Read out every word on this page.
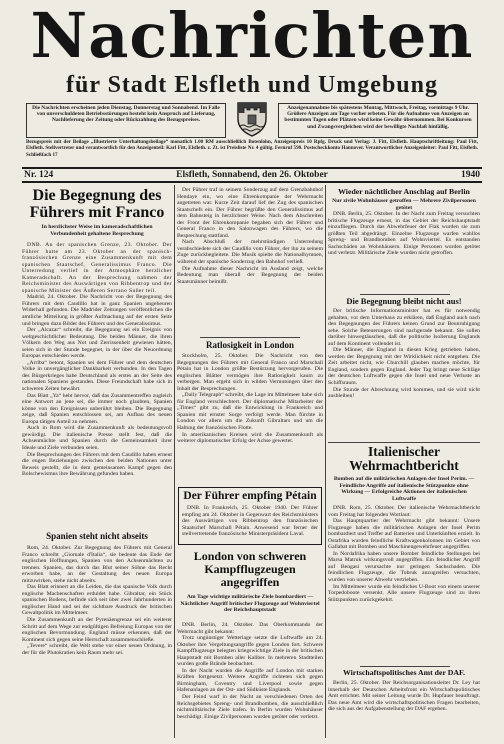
Nachrichten
für Stadt Elsfleth und Umgebung
Die Nachrichten erscheinen jeden Dienstag, Donnerstag und Sonnabend. Im Falle von unverschuldeten Betriebsstörungen besteht kein Anspruch auf Lieferung, Nachlieferung der Zeitung oder Rückzahlung des Bezugspreises.
Anzeigenannahme bis spätestens Montag, Mittwoch, Freitag, vormittags 9 Uhr. Größere Anzeigen am Tage vorher erbeten. Für die Aufnahme von Anzeigen an bestimmten Tagen oder Plätzen wird keine Gewähr übernommen. Bei Konkursen und Zwangsvergleichen wird der bewilligte Nachlaß hinfällig.
Bezugspreis mit der Beilage „Illustrierte Unterhaltungsbeilage“ monatlich 1.00 RM ausschließlich Botenlohn, Anzeigenpreis 10 Rpfg. Druck und Verlag: J. Fitt, Elsfleth. Hauptschriftleitung: Paul Fitt, Elsfleth. Stellvertreter und verantwortlich für den Anzeigenteil: Karl Fitt, Elsfleth. z. Zt. ist Preisliste Nr. 4 gültig. Fernruf 590. Postscheckkonto Hannover. Verantwortlicher Anzeigenleiter: Paul Fitt, Elsfleth. Schließfach 17
Nr. 124	Elsfleth, Sonnabend, den 26. Oktober	1940
Die Begegnung des Führers mit Franco
In herzlichster Weise im kameradschaftlichen Verbundenheit gehaltene Besprechung

DNB. An der spanischen Grenze, 23. Oktober. Der Führer hatte am 23. Oktober an der spanisch-französischen Grenze eine Zusammenkunft mit dem spanischen Staatschef, Generalissimus Franco. Die Unterredung verlief in der Atmosphäre herzlicher Kameradschaft. An der Besprechung nahmen der Reichsminister des Auswärtigen von Ribbentrop und der spanische Minister des Äußeren Serrano Suñer teil.

Madrid, 24. Oktober. Die Nachricht von der Begegnung des Führers mit dem Caudillo hat in ganz Spanien ungeheuren Widerhall gefunden. Die Madrider Zeitungen veröffentlichen die amtliche Mitteilung in größter Aufmachung auf der ersten Seite und bringen dazu Bilder des Führers und des Generalissimus.

Der „Alcazar“ schreibt, die Begegnung sei ein Ereignis von weltgeschichtlicher Bedeutung. Die beiden Männer, die ihren Völkern den Weg aus Not und Zerrissenheit gewiesen hätten, seien sich in der Stunde begegnet, in der über die Neuordnung Europas entschieden werde.

„Arriba“ betont, Spanien sei dem Führer und dem deutschen Volke in unvergänglicher Dankbarkeit verbunden. In den Tagen des Bürgerkrieges habe Deutschland als erstes an der Seite des nationalen Spaniens gestanden. Diese Freundschaft habe sich in schweren Zeiten bewährt.

Das Blatt „Ya“ hebt hervor, daß das Zusammentreffen zugleich eine Antwort an jene sei, die immer noch glaubten, Spanien könne von den Ereignissen unberührt bleiben. Die Begegnung zeige, daß Spanien entschlossen sei, am Aufbau des neuen Europa tätigen Anteil zu nehmen.

Auch in Rom wird die Zusammenkunft als bedeutungsvoll gewürdigt. Die italienische Presse stellt fest, daß die Achsenmächte und Spanien durch die Gemeinsamkeit ihrer Ideale und Ziele verbunden seien.

Die Besprechungen des Führers mit dem Caudillo haben erneut die engen Beziehungen zwischen den beiden Nationen unter Beweis gestellt, die in dem gemeinsamen Kampf gegen den Bolschewismus ihre Bewährung gefunden haben.

Spanien steht nicht abseits

Rom, 24. Oktober. Zur Begegnung des Führers mit General Franco schreibt „Giornale d'Italia“, sie bedeute das Ende der englischen Hoffnungen, Spanien von den Achsenmächten zu trennen. Spanien, das durch das Blut seiner Söhne das Recht erworben habe, an der Gestaltung des neuen Europa mitzuwirken, stehe nicht abseits.

Das Blatt erinnert an die Leiden, die das spanische Volk durch englische Machenschaften erduldet habe. Gibraltar, ein Stück spanischen Bodens, befinde sich seit über zwei Jahrhunderten in englischer Hand und sei der sichtbare Ausdruck der britischen Gewaltpolitik im Mittelmeer.

Die Zusammenkunft an der Pyrenäengrenze sei ein weiterer Schritt auf dem Wege zur endgültigen Befreiung Europas von der englischen Bevormundung. England müsse erkennen, daß der Kontinent sich gegen seine Herrschaft zusammenschließe.

„Tevere“ schreibt, die Welt stehe vor einer neuen Ordnung, in der für die Plutokratien kein Raum mehr sei.

Der Führer traf in seinem Sonderzug auf dem Grenzbahnhof Hendaye ein, wo eine Ehrenkompanie der Wehrmacht angetreten war. Kurze Zeit darauf lief der Zug des spanischen Staatschefs ein. Der Führer begrüßte den Generalissimus auf dem Bahnsteig in herzlichster Weise. Nach dem Abschreiten der Front der Ehrenkompanie begaben sich der Führer und General Franco in den Salonwagen des Führers, wo die Besprechung stattfand.

Nach Abschluß der mehrstündigen Unterredung verabschiedete sich der Caudillo vom Führer, der ihn zu seinem Zuge zurückbegleitete. Die Musik spielte die Nationalhymnen, während der spanische Sonderzug den Bahnhof verließ.

Die Aufnahme dieser Nachricht im Ausland zeigt, welche Bedeutung man überall der Begegnung der beiden Staatsmänner beimißt.

Ratlosigkeit in London

Stockholm, 25. Oktober. Die Nachricht von den Begegnungen des Führers mit General Franco und Marschall Pétain hat in London größte Bestürzung hervorgerufen. Die englischen Blätter vermögen ihre Ratlosigkeit kaum zu verbergen. Man ergeht sich in wilden Vermutungen über den Inhalt der Besprechungen.

„Daily Telegraph“ schreibt, die Lage im Mittelmeer habe sich für England verschlechtert. Der diplomatische Mitarbeiter der „Times“ gibt zu, daß die Entwicklung in Frankreich und Spanien mit ernster Sorge verfolgt werde. Man fürchte in London vor allem um die Zukunft Gibraltars und um die Haltung der französischen Flotte.

In amerikanischen Kreisen wird die Zusammenkunft als weiterer diplomatischer Erfolg der Achse gewertet.

Der Führer empfing Pétain

DNB. In Frankreich, 25. Oktober 1940. Der Führer empfing am 24. Oktober in Gegenwart des Reichsministers des Auswärtigen von Ribbentrop den französischen Staatschef Marschall Pétain. Anwesend war ferner der stellvertretende französische Ministerpräsident Laval.

London von schweren Kampfflugzeugen angegriffen
Am Tage wichtige militärische Ziele bombardiert — Nächtlicher Angriff britischer Flugzeuge auf Wohnviertel der Reichshauptstadt

DNB. Berlin, 24. Oktober. Das Oberkommando der Wehrmacht gibt bekannt:

Trotz ungünstiger Wetterlage setzte die Luftwaffe am 24. Oktober ihre Vergeltungsangriffe gegen London fort. Schwere Kampfflugzeuge belegten kriegswichtige Ziele in der britischen Hauptstadt mit Bomben aller Kaliber. In mehreren Stadtteilen wurden große Brände beobachtet.

In der Nacht wurden die Angriffe auf London mit starken Kräften fortgesetzt. Weitere Angriffe richteten sich gegen Birmingham, Coventry und Liverpool sowie gegen Hafenanlagen an der Ost- und Südküste Englands.

Der Feind warf in der Nacht an verschiedenen Orten des Reichsgebietes Spreng- und Brandbomben, die ausschließlich nichtmilitärische Ziele trafen. In Berlin wurden Wohnhäuser beschädigt. Einige Zivilpersonen wurden getötet oder verletzt.

Wieder nächtlicher Anschlag auf Berlin
Nur zivile Wohnhäuser getroffen — Mehrere Zivilpersonen getötet

DNB. Berlin, 25. Oktober. In der Nacht zum Freitag versuchten britische Flugzeuge erneut, in das Gebiet der Reichshauptstadt einzufliegen. Durch das Abwehrfeuer der Flak wurden sie zum größten Teil abgedrängt. Einzelne Flugzeuge warfen wahllos Spreng- und Brandbomben auf Wohnviertel. Es entstanden Sachschäden an Wohnhäusern. Einige Personen wurden getötet und verletzt. Militärische Ziele wurden nicht getroffen.

Die Begegnung bleibt nicht aus!

Der britische Informationsminister hat es für notwendig gehalten, vor dem Unterhaus zu erklären, daß England auch nach den Begegnungen des Führers keinen Grund zur Beunruhigung sehe. Solche Beteuerungen sind nachgerade bekannt. Sie sollen darüber hinwegtäuschen, daß die politische Isolierung Englands auf dem Kontinent vollendet ist.

Die Männer, die England in diesen Krieg getrieben haben, werden der Begegnung mit der Wirklichkeit nicht entgehen. Die Zeit arbeitet nicht, wie Churchill glauben machen möchte, für England, sondern gegen England. Jeder Tag bringt neue Schläge der deutschen Luftwaffe gegen die Insel und neue Verluste an Schiffsraum.

Die Stunde der Abrechnung wird kommen, und sie wird nicht ausbleiben!

Italienischer Wehrmachtbericht
Bomben auf die militärischen Anlagen der Insel Perim. — Feindliche Angriffe auf italienische Stützpunkte ohne Wirkung — Erfolgreiche Aktionen der italienischen Luftwaffe

DNB. Rom, 25. Oktober. Der italienische Wehrmachtbericht vom Freitag hat folgenden Wortlaut:

Das Hauptquartier der Wehrmacht gibt bekannt: Unsere Flugzeuge haben die militärischen Anlagen der Insel Perim bombardiert und Treffer auf Batterien und Unterkünften erzielt. In Ostafrika wurden feindliche Kraftwagenkolonnen im Gebiet von Gallabat mit Bomben und Maschinengewehrfeuer angegriffen.

In Nordafrika haben unsere Bomber feindliche Stellungen bei Marsa Matruk wirkungsvoll angegriffen. Ein feindlicher Angriff auf Bengasi verursachte nur geringen Sachschaden. Die feindlichen Flugzeuge, die Tobruk anzugreifen versuchten, wurden von unserer Abwehr vertrieben.

Im Mittelmeer wurde ein feindliches U-Boot von einem unserer Torpedoboote versenkt. Alle unsere Flugzeuge sind zu ihren Stützpunkten zurückgekehrt.

Wirtschaftspolitisches Amt der DAF.

Berlin, 25. Oktober. Der Reichsorganisationsleiter Dr. Ley hat innerhalb der Deutschen Arbeitsfront ein Wirtschaftspolitisches Amt errichtet. Mit seiner Leitung wurde Dr. Hupfauer beauftragt. Das neue Amt wird die wirtschaftspolitischen Fragen bearbeiten, die sich aus der Aufgabenstellung der DAF ergeben.
